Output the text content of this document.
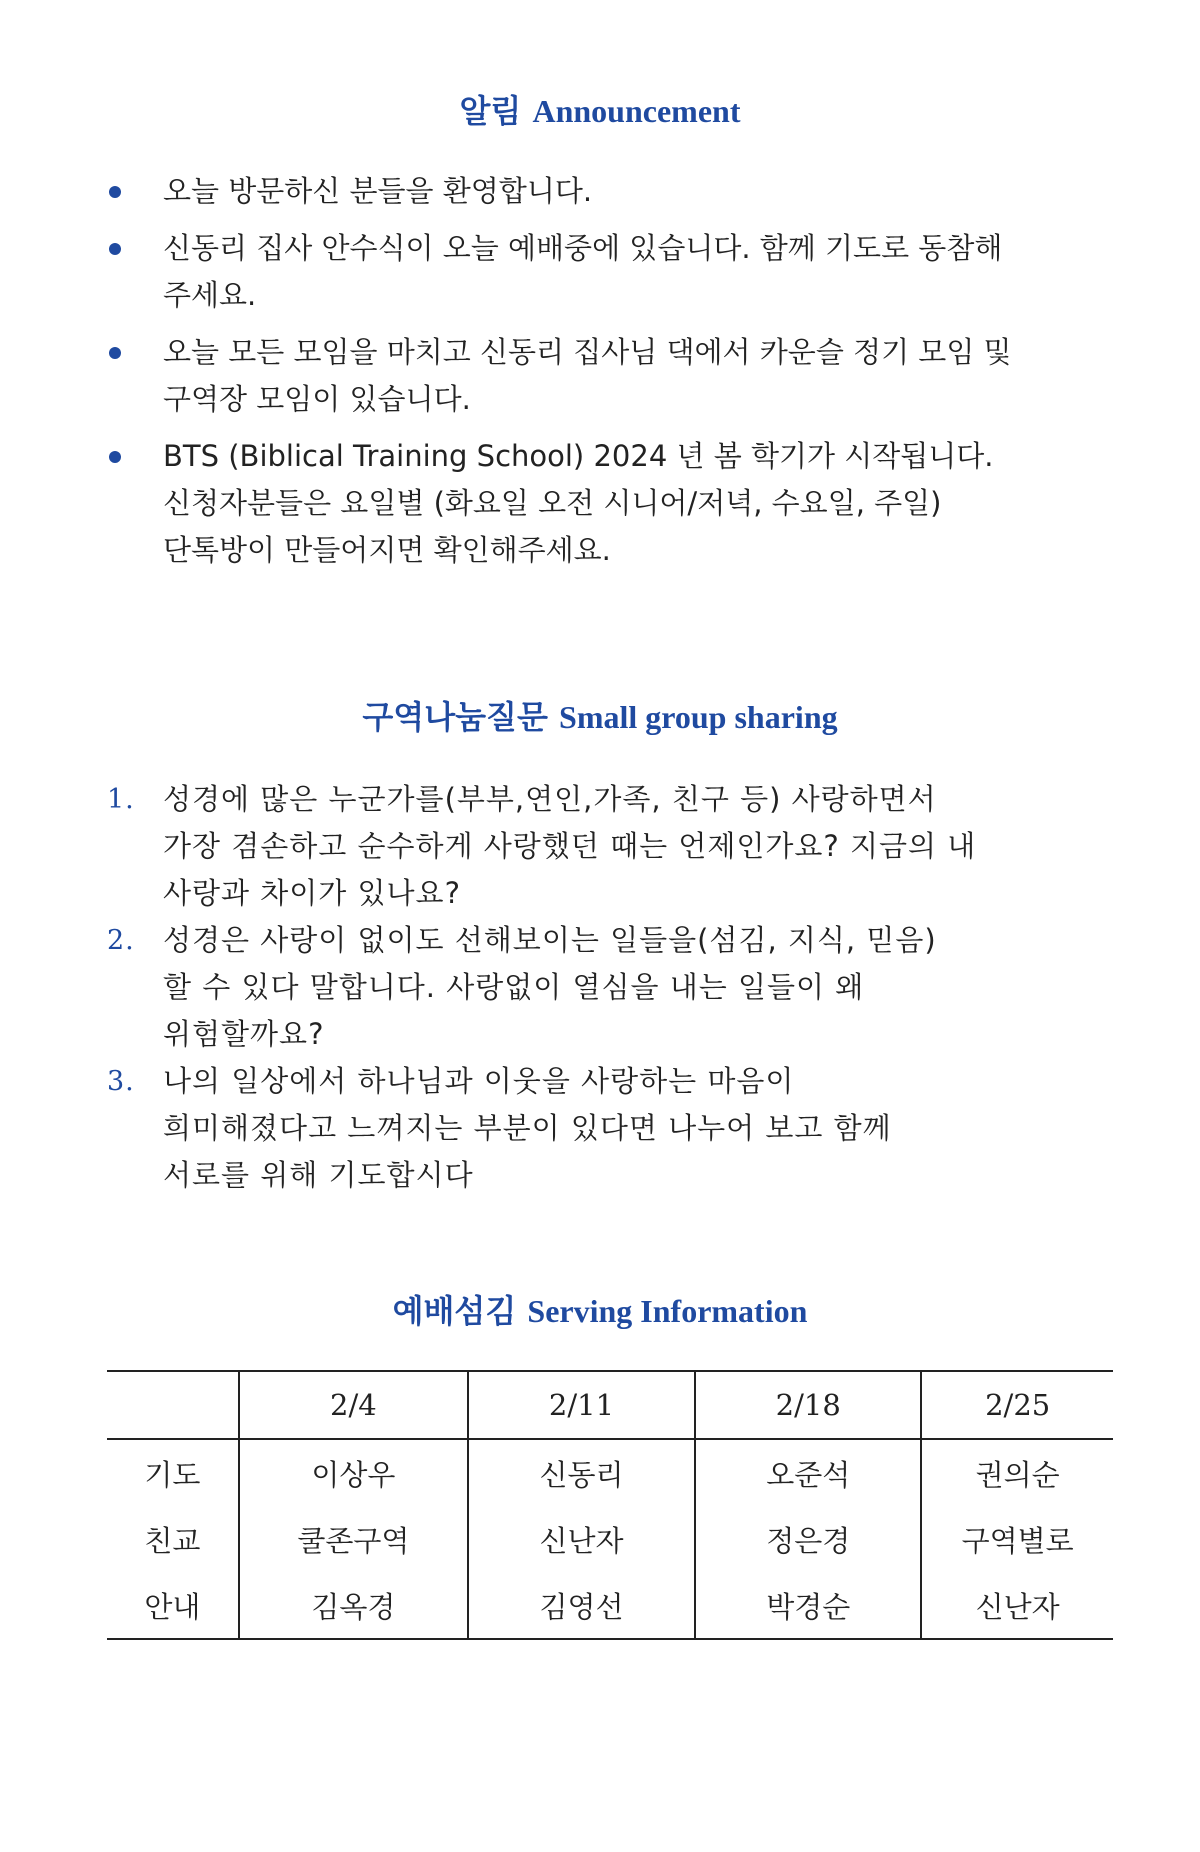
알림 Announcement
오늘 방문하신 분들을 환영합니다.
신동리 집사 안수식이 오늘 예배중에 있습니다. 함께 기도로 동참해
주세요.
오늘 모든 모임을 마치고 신동리 집사님 댁에서 카운슬 정기 모임 및
구역장 모임이 있습니다.
BTS (Biblical Training School) 2024 년 봄 학기가 시작됩니다.
신청자분들은 요일별 (화요일 오전 시니어/저녁, 수요일, 주일)
단톡방이 만들어지면 확인해주세요.
구역나눔질문 Small group sharing
1. 성경에 많은 누군가를(부부,연인,가족, 친구 등) 사랑하면서
가장 겸손하고 순수하게 사랑했던 때는 언제인가요? 지금의 내
사랑과 차이가 있나요?
2. 성경은 사랑이 없이도 선해보이는 일들을(섬김, 지식, 믿음)
할 수 있다 말합니다. 사랑없이 열심을 내는 일들이 왜
위험할까요?
3. 나의 일상에서 하나님과 이웃을 사랑하는 마음이
희미해졌다고 느껴지는 부분이 있다면 나누어 보고 함께
서로를 위해 기도합시다
예배섬김 Serving Information
	2/4	2/11	2/18	2/25
기도	이상우	신동리	오준석	권의순
친교	쿨존구역	신난자	정은경	구역별로
안내	김옥경	김영선	박경순	신난자
